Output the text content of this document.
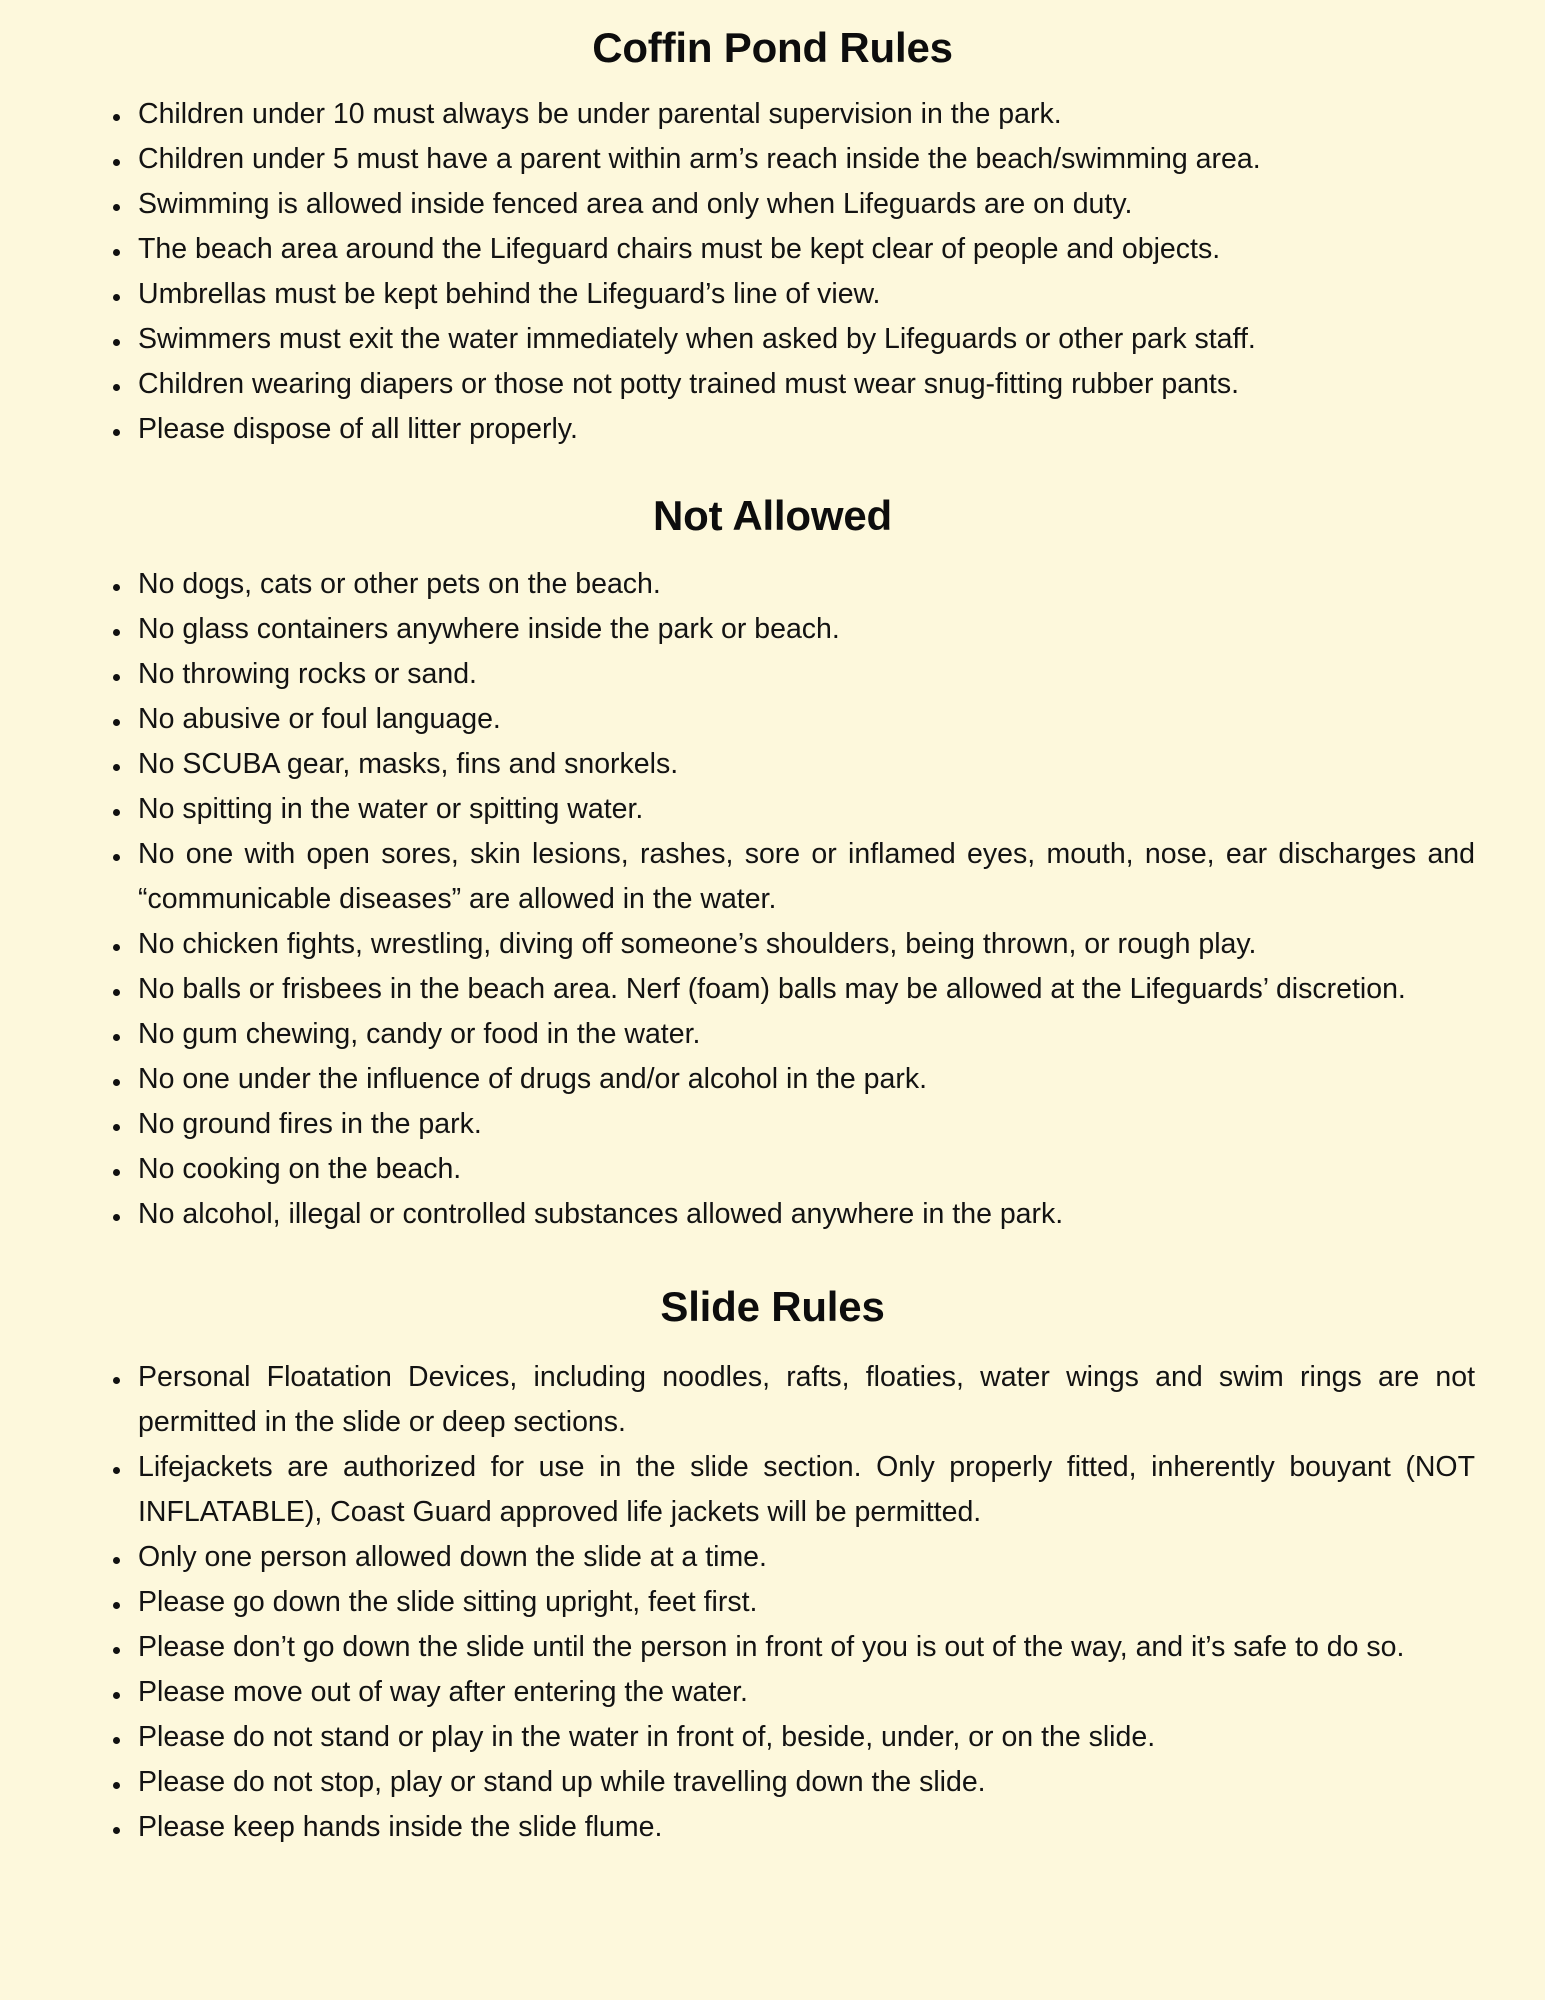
Coffin Pond Rules
Children under 10 must always be under parental supervision in the park.
Children under 5 must have a parent within arm’s reach inside the beach/swimming area.
Swimming is allowed inside fenced area and only when Lifeguards are on duty.
The beach area around the Lifeguard chairs must be kept clear of people and objects.
Umbrellas must be kept behind the Lifeguard’s line of view.
Swimmers must exit the water immediately when asked by Lifeguards or other park staff.
Children wearing diapers or those not potty trained must wear snug-fitting rubber pants.
Please dispose of all litter properly.
Not Allowed
No dogs, cats or other pets on the beach.
No glass containers anywhere inside the park or beach.
No throwing rocks or sand.
No abusive or foul language.
No SCUBA gear, masks, fins and snorkels.
No spitting in the water or spitting water.
No one with open sores, skin lesions, rashes, sore or inflamed eyes, mouth, nose, ear discharges and “communicable diseases” are allowed in the water.
No chicken fights, wrestling, diving off someone’s shoulders, being thrown, or rough play.
No balls or frisbees in the beach area. Nerf (foam) balls may be allowed at the Lifeguards’ discretion.
No gum chewing, candy or food in the water.
No one under the influence of drugs and/or alcohol in the park.
No ground fires in the park.
No cooking on the beach.
No alcohol, illegal or controlled substances allowed anywhere in the park.
Slide Rules
Personal Floatation Devices, including noodles, rafts, floaties, water wings and swim rings are not permitted in the slide or deep sections.
Lifejackets are authorized for use in the slide section. Only properly fitted, inherently bouyant (NOT INFLATABLE), Coast Guard approved life jackets will be permitted.
Only one person allowed down the slide at a time.
Please go down the slide sitting upright, feet first.
Please don’t go down the slide until the person in front of you is out of the way, and it’s safe to do so.
Please move out of way after entering the water.
Please do not stand or play in the water in front of, beside, under, or on the slide.
Please do not stop, play or stand up while travelling down the slide.
Please keep hands inside the slide flume.
